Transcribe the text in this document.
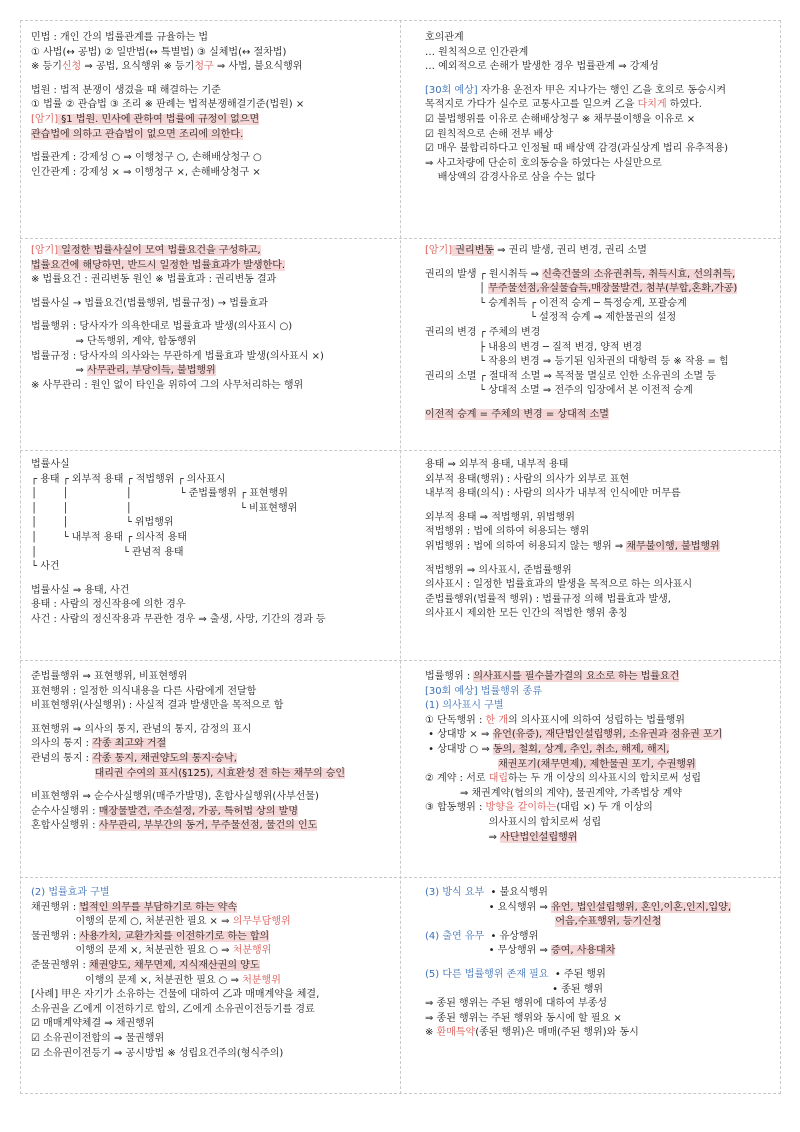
민법 : 개인 간의 법률관계를 규율하는 법
① 사법(↔ 공법) ② 일반법(↔ 특별법) ③ 실체법(↔ 절차법)
※ 등기신청 ⇒ 공법, 요식행위 ※ 등기청구 ⇒ 사법, 불요식행위
법원 : 법적 분쟁이 생겼을 때 해결하는 기준
① 법률 ② 관습법 ③ 조리 ※ 판례는 법적분쟁해결기준(법원) ×
[암기] §1 법원. 민사에 관하여 법률에 규정이 없으면
관습법에 의하고 관습법이 없으면 조리에 의한다.
법률관계 : 강제성 ○ ⇒ 이행청구 ○, 손해배상청구 ○
인간관계 : 강제성 × ⇒ 이행청구 ×, 손해배상청구 ×
호의관계
… 원칙적으로 인간관계
… 예외적으로 손해가 발생한 경우 법률관계 ⇒ 강제성
[30회 예상] 자가용 운전자 甲은 지나가는 행인 乙을 호의로 동승시켜
목적지로 가다가 실수로 교통사고를 일으켜 乙을 다치게 하였다.
☑ 불법행위를 이유로 손해배상청구 ※ 채무불이행을 이유로 ×
☑ 원칙적으로 손해 전부 배상
☑ 매우 불합리하다고 인정될 때 배상액 감경(과실상계 법리 유추적용)
⇒ 사고차량에 단순히 호의동승을 하였다는 사실만으로
배상액의 감경사유로 삼을 수는 없다
[암기] 일정한 법률사실이 모여 법률요건을 구성하고,
법률요건에 해당하면, 반드시 일정한 법률효과가 발생한다.
※ 법률요건 : 권리변동 원인 ※ 법률효과 : 권리변동 결과
법률사실 → 법률요건(법률행위, 법률규정) → 법률효과
법률행위 : 당사자가 의욕한대로 법률효과 발생(의사표시 ○)
⇒ 단독행위, 계약, 합동행위
법률규정 : 당사자의 의사와는 무관하게 법률효과 발생(의사표시 ×)
⇒ 사무관리, 부당이득, 불법행위
※ 사무관리 : 원인 없이 타인을 위하여 그의 사무처리하는 행위
[암기] 권리변동 ⇒ 권리 발생, 권리 변경, 권리 소멸
권리의 발생 ┌ 원시취득 ⇒ 신축건물의 소유권취득, 취득시효, 선의취득,
│ 무주물선점,유실물습득,매장물발견, 첨부(부합,혼화,가공)
└ 승계취득 ┌ 이전적 승계 ─ 특정승계, 포괄승계
└ 설정적 승계 ⇒ 제한물권의 설정
권리의 변경 ┌ 주체의 변경
├ 내용의 변경 ─ 질적 변경, 양적 변경
└ 작용의 변경 ⇒ 등기된 임차권의 대항력 등 ※ 작용 = 힘
권리의 소멸 ┌ 절대적 소멸 ⇒ 목적물 멸실로 인한 소유권의 소멸 등
└ 상대적 소멸 ⇒ 전주의 입장에서 본 이전적 승계
이전적 승계 = 주체의 변경 = 상대적 소멸
법률사실
┌ 용태 ┌ 외부적 용태 ┌ 적법행위 ┌ 의사표시
│        │                  │               └ 준법률행위 ┌ 표현행위
│        │                  │                                  └ 비표현행위
│        │                  └ 위법행위
│        └ 내부적 용태 ┌ 의사적 용태
│                           └ 관념적 용태
└ 사건
법률사실 ⇒ 용태, 사건
용태 : 사람의 정신작용에 의한 경우
사건 : 사람의 정신작용과 무관한 경우 ⇒ 출생, 사망, 기간의 경과 등
용태 ⇒ 외부적 용태, 내부적 용태
외부적 용태(행위) : 사람의 의사가 외부로 표현
내부적 용태(의식) : 사람의 의사가 내부적 인식에만 머무름
외부적 용태 ⇒ 적법행위, 위법행위
적법행위 : 법에 의하여 허용되는 행위
위법행위 : 법에 의하여 허용되지 않는 행위 ⇒ 채무불이행, 불법행위
적법행위 ⇒ 의사표시, 준법률행위
의사표시 : 일정한 법률효과의 발생을 목적으로 하는 의사표시
준법률행위(법률적 행위) : 법률규정 의해 법률효과 발생,
의사표시 제외한 모든 인간의 적법한 행위 총칭
준법률행위 ⇒ 표현행위, 비표현행위
표현행위 : 일정한 의식내용을 다른 사람에게 전달함
비표현행위(사실행위) : 사실적 결과 발생만을 목적으로 함
표현행위 ⇒ 의사의 통지, 관념의 통지, 감정의 표시
의사의 통지 : 각종 최고와 거절
관념의 통지 : 각종 통지, 채권양도의 통지·승낙,
대리권 수여의 표시(§125), 시효완성 전 하는 채무의 승인
비표현행위 ⇒ 순수사실행위(매주가발명), 혼합사실행위(사부선물)
순수사실행위 : 매장물발견, 주소설정, 가공, 특허법 상의 발명
혼합사실행위 : 사무관리, 부부간의 동거, 무주물선점, 물건의 인도
법률행위 : 의사표시를 필수불가결의 요소로 하는 법률요건
[30회 예상] 법률행위 종류
(1) 의사표시 구별
① 단독행위 : 한 개의 의사표시에 의하여 성립하는 법률행위
• 상대방 × ⇒ 유언(유증), 재단법인설립행위, 소유권과 점유권 포기
• 상대방 ○ ⇒ 동의, 철회, 상계, 추인, 취소, 해제, 해지,
채권포기(채무면제), 제한물권 포기, 수권행위
② 계약 : 서로 대립하는 두 개 이상의 의사표시의 합치로써 성립
⇒ 채권계약(협의의 계약), 물권계약, 가족법상 계약
③ 합동행위 : 방향을 같이하는(대립 ×) 두 개 이상의
의사표시의 합치로써 성립
⇒ 사단법인설립행위
(2) 법률효과 구별
채권행위 : 법적인 의무를 부담하기로 하는 약속
이행의 문제 ○, 처분권한 필요 × ⇒ 의무부담행위
물권행위 : 사용가치, 교환가치를 이전하기로 하는 합의
이행의 문제 ×, 처분권한 필요 ○ ⇒ 처분행위
준물권행위 : 채권양도, 채무면제, 지식재산권의 양도
이행의 문제 ×, 처분권한 필요 ○ ⇒ 처분행위
[사례] 甲은 자기가 소유하는 건물에 대하여 乙과 매매계약을 체결,
소유권을 乙에게 이전하기로 합의, 乙에게 소유권이전등기를 경료
☑ 매매계약체결 ⇒ 채권행위
☑ 소유권이전합의 ⇒ 물권행위
☑ 소유권이전등기 ⇒ 공시방법 ※ 성립요건주의(형식주의)
(3) 방식 요부  • 불요식행위
• 요식행위 ⇒ 유언, 법인설립행위, 혼인,이혼,인지,입양,
어음,수표행위, 등기신청
(4) 출연 유무  • 유상행위
• 무상행위 ⇒ 증여, 사용대차
(5) 다른 법률행위 존재 필요  • 주된 행위
• 종된 행위
⇒ 종된 행위는 주된 행위에 대하여 부종성
⇒ 종된 행위는 주된 행위와 동시에 할 필요 ×
※ 환매특약(종된 행위)은 매매(주된 행위)와 동시
